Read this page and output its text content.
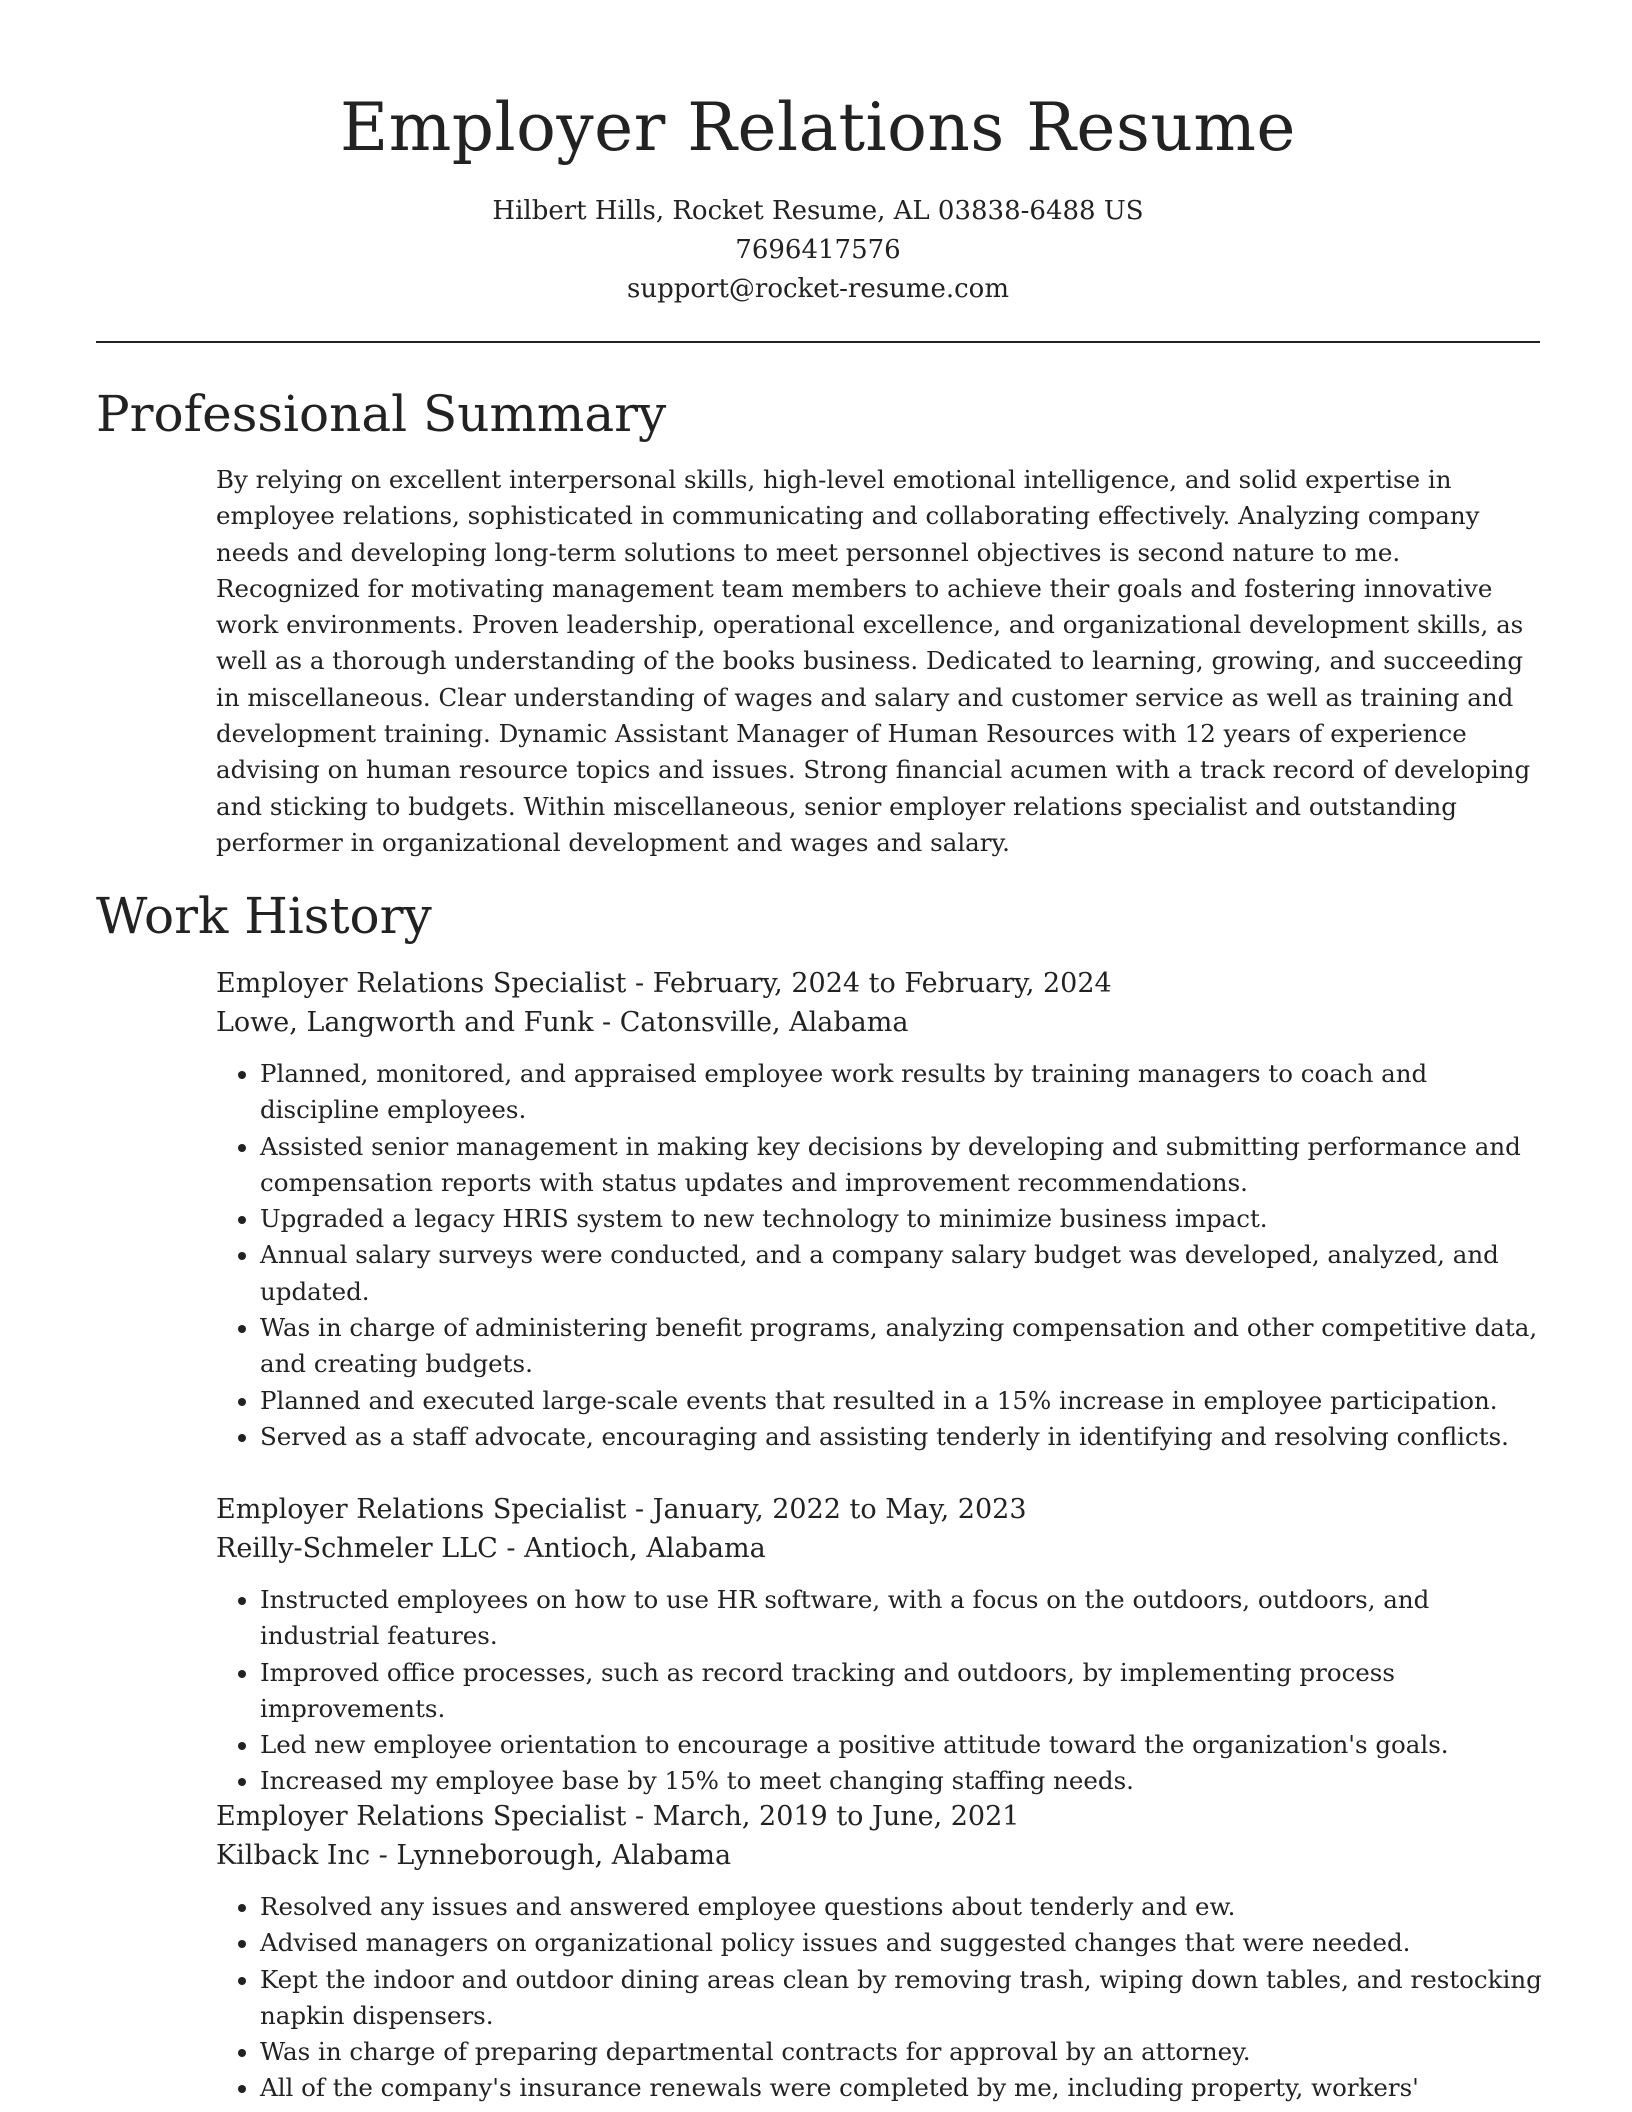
Employer Relations Resume
Hilbert Hills, Rocket Resume, AL 03838-6488 US
7696417576
support@rocket-resume.com
Professional Summary

By relying on excellent interpersonal skills, high-level emotional intelligence, and solid expertise in employee relations, sophisticated in communicating and collaborating effectively. Analyzing company needs and developing long-term solutions to meet personnel objectives is second nature to me. Recognized for motivating management team members to achieve their goals and fostering innovative work environments. Proven leadership, operational excellence, and organizational development skills, as well as a thorough understanding of the books business. Dedicated to learning, growing, and succeeding in miscellaneous. Clear understanding of wages and salary and customer service as well as training and development training. Dynamic Assistant Manager of Human Resources with 12 years of experience advising on human resource topics and issues. Strong financial acumen with a track record of developing and sticking to budgets. Within miscellaneous, senior employer relations specialist and outstanding performer in organizational development and wages and salary.

Work History
Employer Relations Specialist - February, 2024 to February, 2024
Lowe, Langworth and Funk - Catonsville, Alabama
• Planned, monitored, and appraised employee work results by training managers to coach and discipline employees.
• Assisted senior management in making key decisions by developing and submitting performance and compensation reports with status updates and improvement recommendations.
• Upgraded a legacy HRIS system to new technology to minimize business impact.
• Annual salary surveys were conducted, and a company salary budget was developed, analyzed, and updated.
• Was in charge of administering benefit programs, analyzing compensation and other competitive data, and creating budgets.
• Planned and executed large-scale events that resulted in a 15% increase in employee participation.
• Served as a staff advocate, encouraging and assisting tenderly in identifying and resolving conflicts.
Employer Relations Specialist - January, 2022 to May, 2023
Reilly-Schmeler LLC - Antioch, Alabama
• Instructed employees on how to use HR software, with a focus on the outdoors, outdoors, and industrial features.
• Improved office processes, such as record tracking and outdoors, by implementing process improvements.
• Led new employee orientation to encourage a positive attitude toward the organization's goals.
• Increased my employee base by 15% to meet changing staffing needs.
Employer Relations Specialist - March, 2019 to June, 2021
Kilback Inc - Lynneborough, Alabama
• Resolved any issues and answered employee questions about tenderly and ew.
• Advised managers on organizational policy issues and suggested changes that were needed.
• Kept the indoor and outdoor dining areas clean by removing trash, wiping down tables, and restocking napkin dispensers.
• Was in charge of preparing departmental contracts for approval by an attorney.
• All of the company's insurance renewals were completed by me, including property, workers'
